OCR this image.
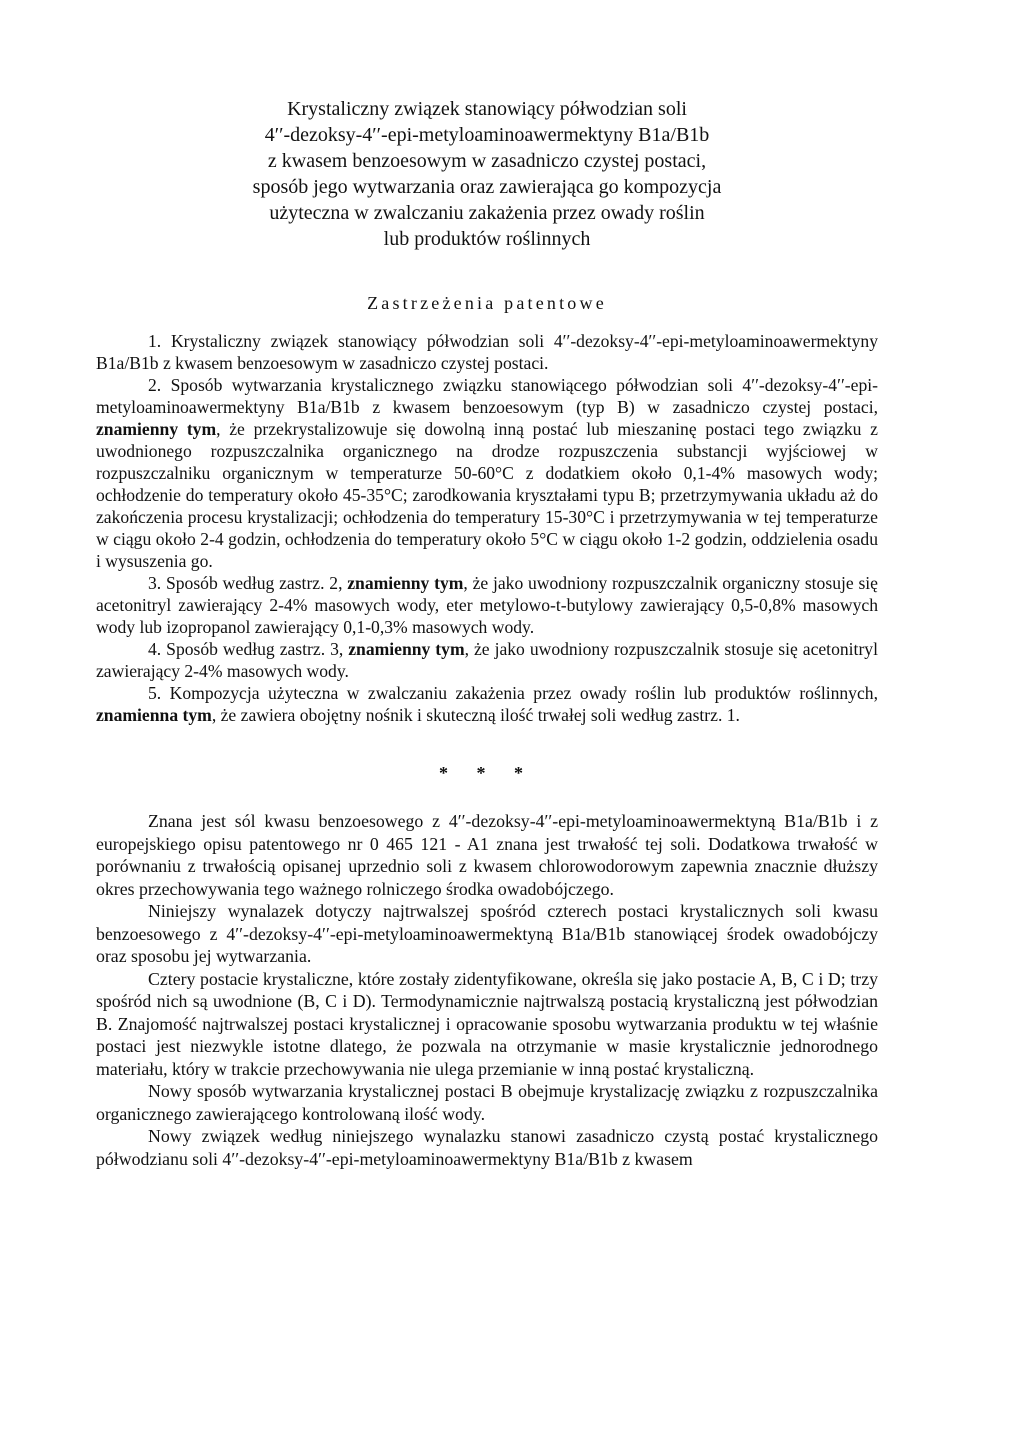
Krystaliczny związek stanowiący półwodzian soli
4′′-dezoksy-4′′-epi-metyloaminoawermektyny B1a/B1b
z kwasem benzoesowym w zasadniczo czystej postaci,
sposób jego wytwarzania oraz zawierająca go kompozycja
użyteczna w zwalczaniu zakażenia przez owady roślin
lub produktów roślinnych
Zastrzeżenia patentowe

1. Krystaliczny związek stanowiący półwodzian soli 4′′-dezoksy-4′′-epi-metyloaminoawermektyny B1a/B1b z kwasem benzoesowym w zasadniczo czystej postaci.

2. Sposób wytwarzania krystalicznego związku stanowiącego półwodzian soli 4′′-dezoksy-4′′-epi-metyloaminoawermektyny B1a/B1b z kwasem benzoesowym (typ B) w zasadniczo czystej postaci, znamienny tym, że przekrystalizowuje się dowolną inną postać lub mieszaninę postaci tego związku z uwodnionego rozpuszczalnika organicznego na drodze rozpuszczenia substancji wyjściowej w rozpuszczalniku organicznym w temperaturze 50-60°C z dodatkiem około 0,1-4% masowych wody; ochłodzenie do temperatury około 45-35°C; zarodkowania kryształami typu B; przetrzymywania układu aż do zakończenia procesu krystalizacji; ochłodzenia do temperatury 15-30°C i przetrzymywania w tej temperaturze w ciągu około 2-4 godzin, ochłodzenia do temperatury około 5°C w ciągu około 1-2 godzin, oddzielenia osadu i wysuszenia go.

3. Sposób według zastrz. 2, znamienny tym, że jako uwodniony rozpuszczalnik organiczny stosuje się acetonitryl zawierający 2-4% masowych wody, eter metylowo-t-butylowy zawierający 0,5-0,8% masowych wody lub izopropanol zawierający 0,1-0,3% masowych wody.

4. Sposób według zastrz. 3, znamienny tym, że jako uwodniony rozpuszczalnik stosuje się acetonitryl zawierający 2-4% masowych wody.

5. Kompozycja użyteczna w zwalczaniu zakażenia przez owady roślin lub produktów roślinnych, znamienna tym, że zawiera obojętny nośnik i skuteczną ilość trwałej soli według zastrz. 1.

* * *

Znana jest sól kwasu benzoesowego z 4′′-dezoksy-4′′-epi-metyloaminoawermektyną B1a/B1b i z europejskiego opisu patentowego nr 0 465 121 - A1 znana jest trwałość tej soli. Dodatkowa trwałość w porównaniu z trwałością opisanej uprzednio soli z kwasem chlorowodorowym zapewnia znacznie dłuższy okres przechowywania tego ważnego rolniczego środka owadobójczego.

Niniejszy wynalazek dotyczy najtrwalszej spośród czterech postaci krystalicznych soli kwasu benzoesowego z 4′′-dezoksy-4′′-epi-metyloaminoawermektyną B1a/B1b stanowiącej środek owadobójczy oraz sposobu jej wytwarzania.

Cztery postacie krystaliczne, które zostały zidentyfikowane, określa się jako postacie A, B, C i D; trzy spośród nich są uwodnione (B, C i D). Termodynamicznie najtrwalszą postacią krystaliczną jest półwodzian B. Znajomość najtrwalszej postaci krystalicznej i opracowanie sposobu wytwarzania produktu w tej właśnie postaci jest niezwykle istotne dlatego, że pozwala na otrzymanie w masie krystalicznie jednorodnego materiału, który w trakcie przechowywania nie ulega przemianie w inną postać krystaliczną.

Nowy sposób wytwarzania krystalicznej postaci B obejmuje krystalizację związku z rozpuszczalnika organicznego zawierającego kontrolowaną ilość wody.

Nowy związek według niniejszego wynalazku stanowi zasadniczo czystą postać krystalicznego półwodzianu soli 4′′-dezoksy-4′′-epi-metyloaminoawermektyny B1a/B1b z kwasem
